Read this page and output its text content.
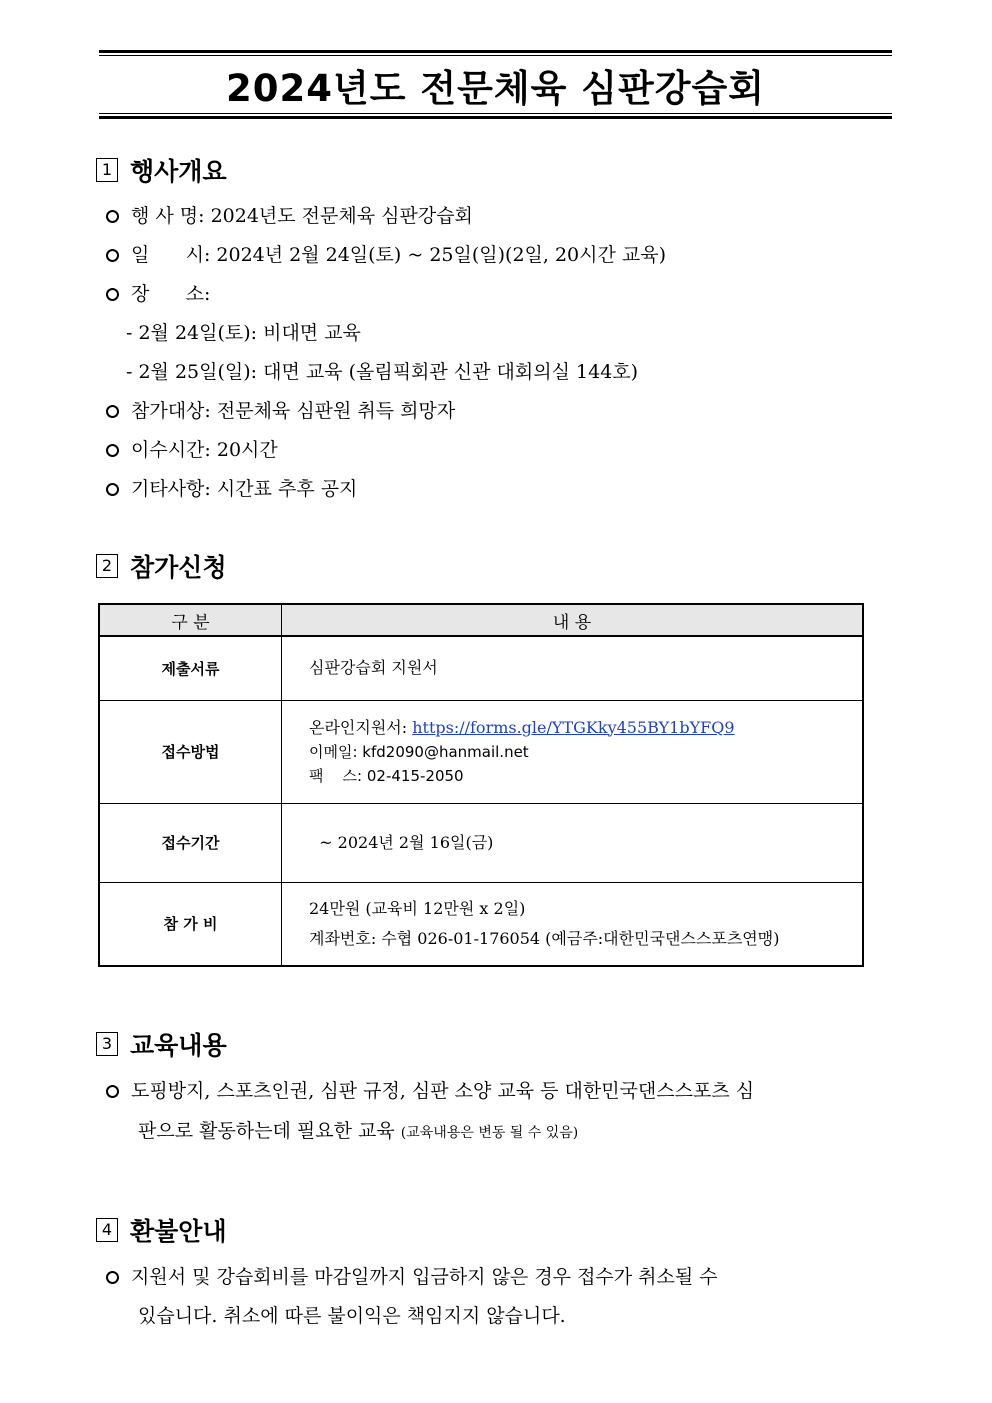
2024년도 전문체육 심판강습회
1 행사개요
행 사 명: 2024년도 전문체육 심판강습회
일      시: 2024년 2월 24일(토) ~ 25일(일)(2일, 20시간 교육)
장      소:
- 2월 24일(토): 비대면 교육
- 2월 25일(일): 대면 교육 (올림픽회관 신관 대회의실 144호)
참가대상: 전문체육 심판원 취득 희망자
이수시간: 20시간
기타사항: 시간표 추후 공지
2 참가신청
구 분	내 용
제출서류	심판강습회 지원서
접수방법	온라인지원서: https://forms.gle/YTGKky455BY1bYFQ9
이메일: kfd2090@hanmail.net
팩    스: 02-415-2050

접수기간	~ 2024년 2월 16일(금)
참 가 비	24만원 (교육비 12만원 x 2일)
계좌번호: 수협 026-01-176054 (예금주:대한민국댄스스포츠연맹)
3 교육내용
도핑방지, 스포츠인권, 심판 규정, 심판 소양 교육 등 대한민국댄스스포츠 심
판으로 활동하는데 필요한 교육 (교육내용은 변동 될 수 있음)
4 환불안내
지원서 및 강습회비를 마감일까지 입금하지 않은 경우 접수가 취소될 수
있습니다. 취소에 따른 불이익은 책임지지 않습니다.
